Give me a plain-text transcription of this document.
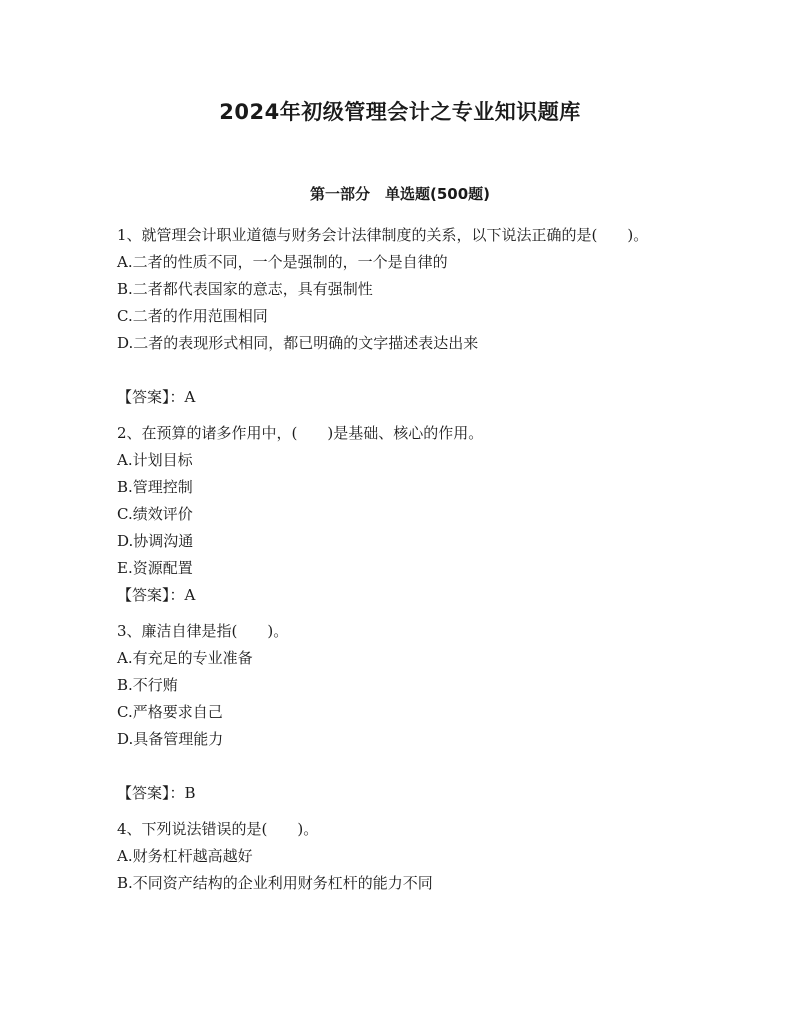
2024年初级管理会计之专业知识题库
第一部分　单选题(500题)

1、就管理会计职业道德与财务会计法律制度的关系，以下说法正确的是(　　)。

A.二者的性质不同，一个是强制的，一个是自律的

B.二者都代表国家的意志，具有强制性

C.二者的作用范围相同

D.二者的表现形式相同，都已明确的文字描述表达出来

【答案】：A

2、在预算的诸多作用中，(　　)是基础、核心的作用。

A.计划目标

B.管理控制

C.绩效评价

D.协调沟通

E.资源配置

【答案】：A

3、廉洁自律是指(　　)。

A.有充足的专业准备

B.不行贿

C.严格要求自己

D.具备管理能力

【答案】：B

4、下列说法错误的是(　　)。

A.财务杠杆越高越好

B.不同资产结构的企业利用财务杠杆的能力不同
